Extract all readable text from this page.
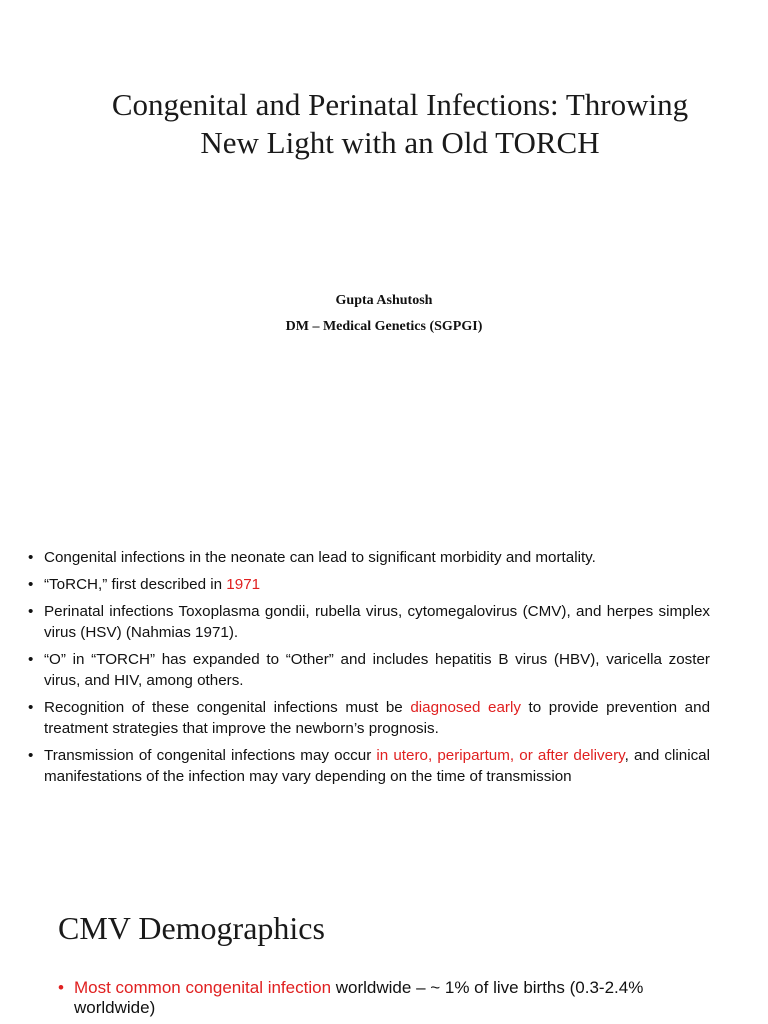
Congenital and Perinatal Infections: Throwing
New Light with an Old TORCH
Gupta Ashutosh
DM – Medical Genetics (SGPGI)
• Congenital infections in the neonate can lead to significant morbidity and mortality.
• “ToRCH,” first described in 1971
• Perinatal infections Toxoplasma gondii, rubella virus, cytomegalovirus (CMV), and herpes simplex virus (HSV) (Nahmias 1971).
• “O” in “TORCH” has expanded to “Other” and includes hepatitis B virus (HBV), varicella zoster virus, and HIV, among others.
• Recognition of these congenital infections must be diagnosed early to provide prevention and treatment strategies that improve the newborn’s prognosis.
• Transmission of congenital infections may occur in utero, peripartum, or after delivery, and clinical manifestations of the infection may vary depending on the time of transmission
CMV Demographics
• Most common congenital infection worldwide – ~ 1% of live births (0.3-2.4% worldwide)
